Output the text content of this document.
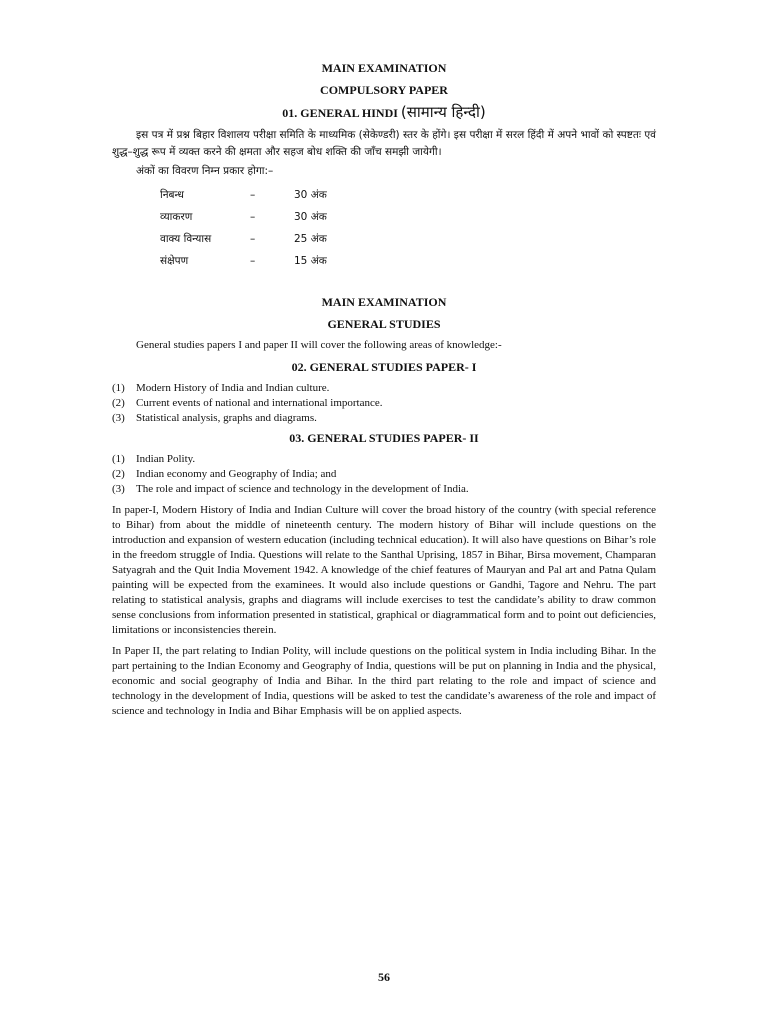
MAIN EXAMINATION
COMPULSORY PAPER
01. GENERAL HINDI (सामान्य हिन्दी)

इस पत्र में प्रश्न बिहार विशालय परीक्षा समिति के माध्यमिक (सेकेण्डरी) स्तर के होंगे। इस परीक्षा में सरल हिंदी में अपने भावों को स्पष्टतः एवं शुद्ध–शुद्ध रूप में व्यक्त करने की क्षमता और सहज बोध शक्ति की जाँच समझी जायेगी।

अंकों का विवरण निम्न प्रकार होगा:–
निबन्ध	–	30 अंक
व्याकरण	–	30 अंक
वाक्य विन्यास	–	25 अंक
संक्षेपण	–	15 अंक
MAIN EXAMINATION
GENERAL STUDIES
General studies papers I and paper II will cover the following areas of knowledge:-
02. GENERAL STUDIES PAPER- I
(1)	Modern History of India and Indian culture.
(2)	Current events of national and international importance.
(3)	Statistical analysis, graphs and diagrams.
03. GENERAL STUDIES PAPER- II
(1)	Indian Polity.
(2)	Indian economy and Geography of India; and
(3)	The role and impact of science and technology in the development of India.

In paper-I, Modern History of India and Indian Culture will cover the broad history of the country (with special reference to Bihar) from about the middle of nineteenth century. The modern history of Bihar will include questions on the introduction and expansion of western education (including technical education). It will also have questions on Bihar’s role in the freedom struggle of India. Questions will relate to the Santhal Uprising, 1857 in Bihar, Birsa movement, Champaran Satyagrah and the Quit India Movement 1942. A knowledge of the chief features of Mauryan and Pal art and Patna Qulam painting will be expected from the examinees. It would also include questions or Gandhi, Tagore and Nehru. The part relating to statistical analysis, graphs and diagrams will include exercises to test the candidate’s ability to draw common sense conclusions from information presented in statistical, graphical or diagrammatical form and to point out deficiencies, limitations or inconsistencies therein.

In Paper II, the part relating to Indian Polity, will include questions on the political system in India including Bihar. In the part pertaining to the Indian Economy and Geography of India, questions will be put on planning in India and the physical, economic and social geography of India and Bihar. In the third part relating to the role and impact of science and technology in the development of India, questions will be asked to test the candidate’s awareness of the role and impact of science and technology in India and Bihar Emphasis will be on applied aspects.

56
